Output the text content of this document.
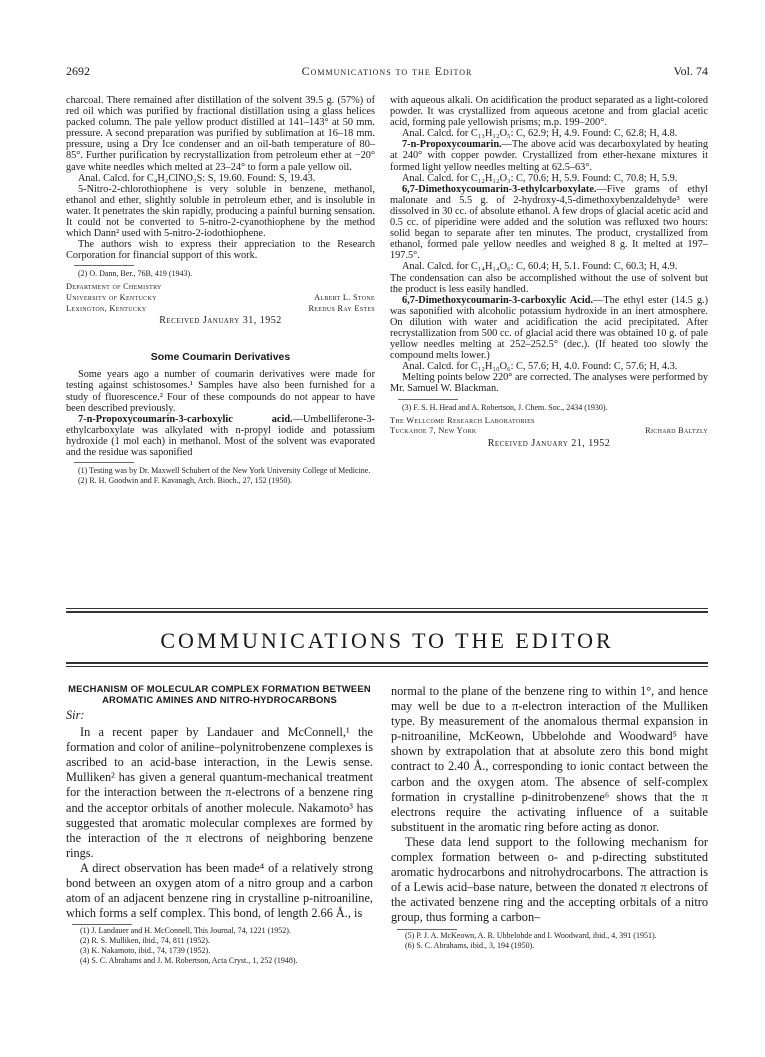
2692	Communications to the Editor	Vol. 74

charcoal. There remained after distillation of the solvent 39.5 g. (57%) of red oil which was purified by fractional distillation using a glass helices packed column. The pale yellow product distilled at 141–143° at 50 mm. pressure. A second preparation was purified by sublimation at 16–18 mm. pressure, using a Dry Ice condenser and an oil-bath temperature of 80–85°. Further purification by recrystallization from petroleum ether at −20° gave white needles which melted at 23–24° to form a pale yellow oil.

Anal. Calcd. for C₄H₂ClNO₂S: S, 19.60. Found: S, 19.43.

5-Nitro-2-chlorothiophene is very soluble in benzene, methanol, ethanol and ether, slightly soluble in petroleum ether, and is insoluble in water. It penetrates the skin rapidly, producing a painful burning sensation. It could not be converted to 5-nitro-2-cyanothiophene by the method which Dann² used with 5-nitro-2-iodothiophene.

The authors wish to express their appreciation to the Research Corporation for financial support of this work.

(2) O. Dann, Ber., 76B, 419 (1943).

Department of Chemistry
University of Kentucky	Albert L. Stone
Lexington, Kentucky	Reedus Ray Estes
Received January 31, 1952
Some Coumarin Derivatives

Some years ago a number of coumarin derivatives were made for testing against schistosomes.¹ Samples have also been furnished for a study of fluorescence.² Four of these compounds do not appear to have been described previously.

7-n-Propoxycoumarin-3-carboxylic acid.—Umbelliferone-3-ethylcarboxylate was alkylated with n-propyl iodide and potassium hydroxide (1 mol each) in methanol. Most of the solvent was evaporated and the residue was saponified

(1) Testing was by Dr. Maxwell Schubert of the New York University College of Medicine.

(2) R. H. Goodwin and F. Kavanagh, Arch. Bioch., 27, 152 (1950).

with aqueous alkali. On acidification the product separated as a light-colored powder. It was crystallized from aqueous acetone and from glacial acetic acid, forming pale yellowish prisms; m.p. 199–200°.

Anal. Calcd. for C₁₃H₁₂O₅: C, 62.9; H, 4.9. Found: C, 62.8; H, 4.8.

7-n-Propoxycoumarin.—The above acid was decarboxylated by heating at 240° with copper powder. Crystallized from ether-hexane mixtures it formed light yellow needles melting at 62.5–63°.

Anal. Calcd. for C₁₂H₁₂O₃: C, 70.6; H, 5.9. Found: C, 70.8; H, 5.9.

6,7-Dimethoxycoumarin-3-ethylcarboxylate.—Five grams of ethyl malonate and 5.5 g. of 2-hydroxy-4,5-dimethoxybenzaldehyde³ were dissolved in 30 cc. of absolute ethanol. A few drops of glacial acetic acid and 0.5 cc. of piperidine were added and the solution was refluxed two hours: solid began to separate after ten minutes. The product, crystallized from ethanol, formed pale yellow needles and weighed 8 g. It melted at 197–197.5°.

Anal. Calcd. for C₁₄H₁₄O₆: C, 60.4; H, 5.1. Found: C, 60.3; H, 4.9.

The condensation can also be accomplished without the use of solvent but the product is less easily handled.

6,7-Dimethoxycoumarin-3-carboxylic Acid.—The ethyl ester (14.5 g.) was saponified with alcoholic potassium hydroxide in an inert atmosphere. On dilution with water and acidification the acid precipitated. After recrystallization from 500 cc. of glacial acid there was obtained 10 g. of pale yellow needles melting at 252–252.5° (dec.). (If heated too slowly the compound melts lower.)

Anal. Calcd. for C₁₂H₁₀O₆: C, 57.6; H, 4.0. Found: C, 57.6; H, 4.3.

Melting points below 220° are corrected. The analyses were performed by Mr. Samuel W. Blackman.

(3) F. S. H. Head and A. Robertson, J. Chem. Soc., 2434 (1930).

The Wellcome Research Laboratories
Tuckahoe 7, New York	Richard Baltzly
Received January 21, 1952
COMMUNICATIONS TO THE EDITOR
MECHANISM OF MOLECULAR COMPLEX FORMATION BETWEEN AROMATIC AMINES AND NITRO-HYDROCARBONS
Sir:

In a recent paper by Landauer and McConnell,¹ the formation and color of aniline–polynitrobenzene complexes is ascribed to an acid-base interaction, in the Lewis sense. Mulliken² has given a general quantum-mechanical treatment for the interaction between the π-electrons of a benzene ring and the acceptor orbitals of another molecule. Nakamoto³ has suggested that aromatic molecular complexes are formed by the interaction of the π electrons of neighboring benzene rings.

A direct observation has been made⁴ of a relatively strong bond between an oxygen atom of a nitro group and a carbon atom of an adjacent benzene ring in crystalline p-nitroaniline, which forms a self complex. This bond, of length 2.66 Å., is

(1) J. Landauer and H. McConnell, This Journal, 74, 1221 (1952).

(2) R. S. Mulliken, ibid., 74, 811 (1952).

(3) K. Nakamoto, ibid., 74, 1739 (1952).

(4) S. C. Abrahams and J. M. Robertson, Acta Cryst., 1, 252 (1948).

normal to the plane of the benzene ring to within 1°, and hence may well be due to a π-electron interaction of the Mulliken type. By measurement of the anomalous thermal expansion in p-nitroaniline, McKeown, Ubbelohde and Woodward⁵ have shown by extrapolation that at absolute zero this bond might contract to 2.40 Å., corresponding to ionic contact between the carbon and the oxygen atom. The absence of self-complex formation in crystalline p-dinitrobenzene⁶ shows that the π electrons require the activating influence of a suitable substituent in the aromatic ring before acting as donor.

These data lend support to the following mechanism for complex formation between o- and p-directing substituted aromatic hydrocarbons and nitrohydrocarbons. The attraction is of a Lewis acid–base nature, between the donated π electrons of the activated benzene ring and the accepting orbitals of a nitro group, thus forming a carbon–

(5) P. J. A. McKeown, A. R. Ubbelohde and I. Woodward, ibid., 4, 391 (1951).

(6) S. C. Abrahams, ibid., 3, 194 (1950).
